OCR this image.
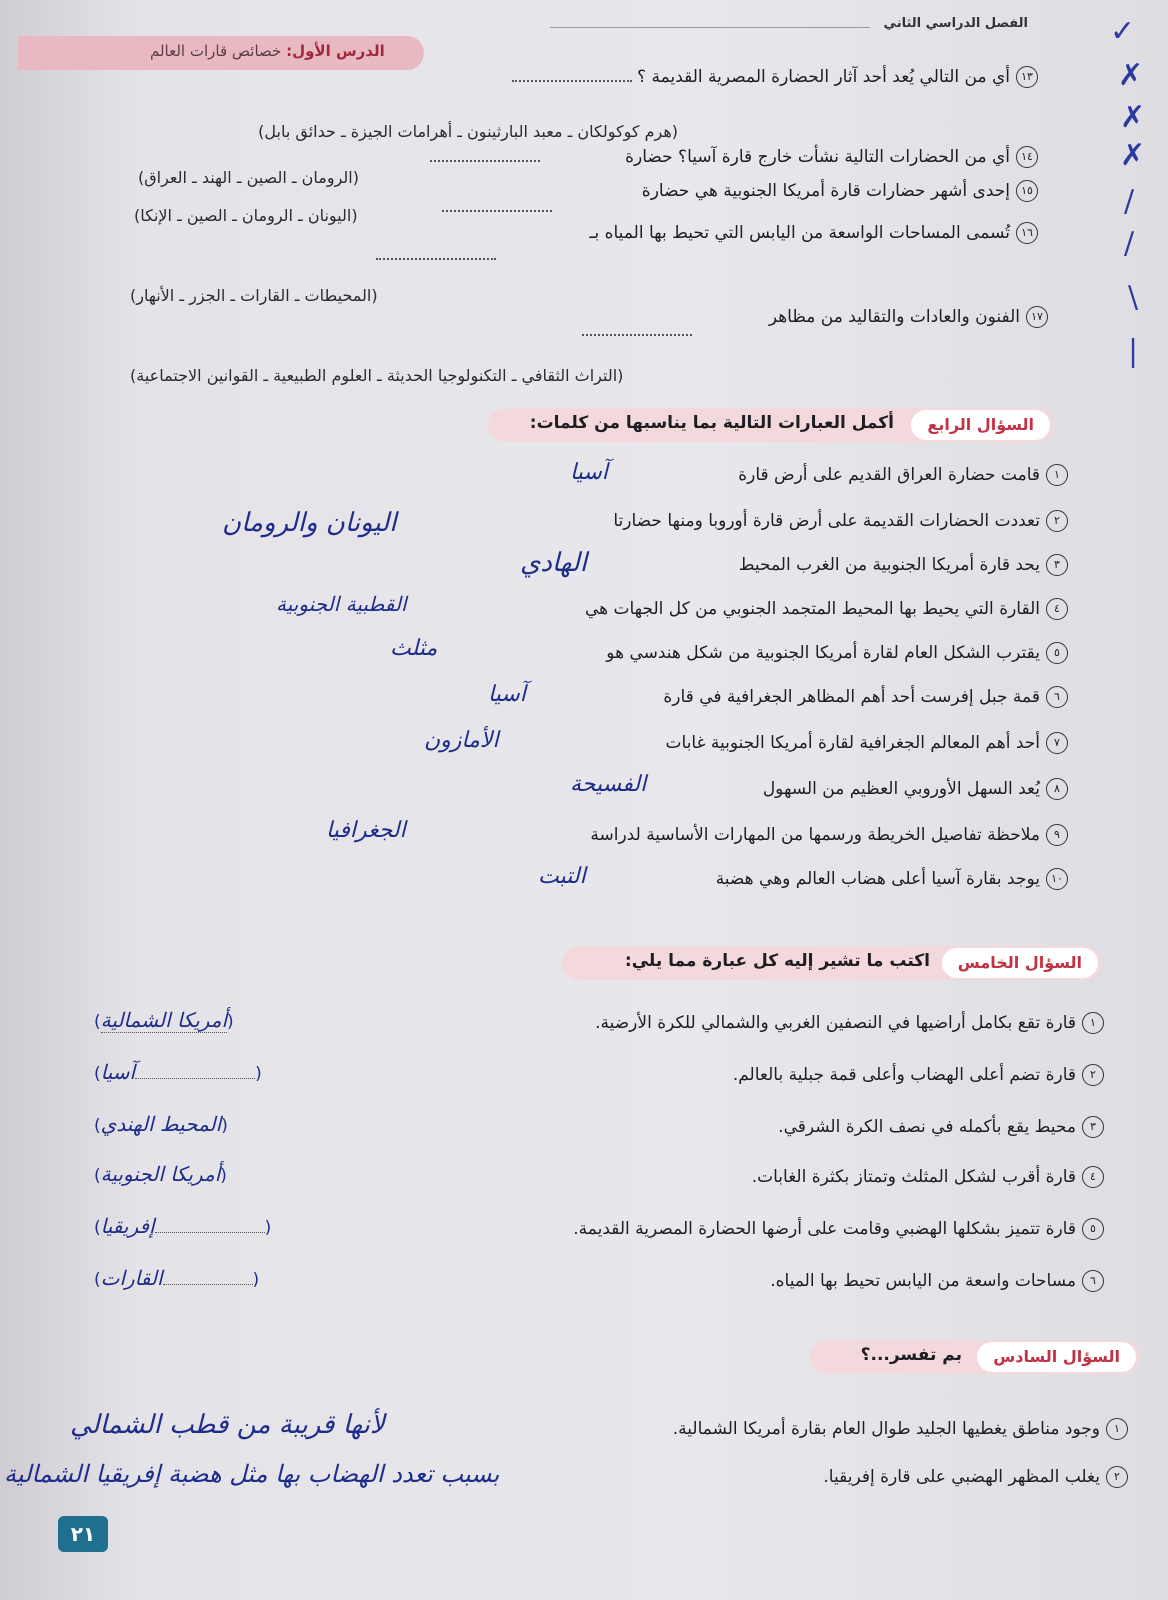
الفصل الدراسي الثاني
الدرس الأول: خصائص قارات العالم
✓
✗
✗
✗
/
/
\
|
١٣أي من التالي يُعد أحد آثار الحضارة المصرية القديمة ؟
(هرم كوكولكان ـ معبد البارثينون ـ أهرامات الجيزة ـ حدائق بابل)
١٤أي من الحضارات التالية نشأت خارج قارة آسيا؟ حضارة
(الرومان ـ الصين ـ الهند ـ العراق)
١٥إحدى أشهر حضارات قارة أمريكا الجنوبية هي حضارة
(اليونان ـ الرومان ـ الصين ـ الإنكا)
١٦تُسمى المساحات الواسعة من اليابس التي تحيط بها المياه بـ
(المحيطات ـ القارات ـ الجزر ـ الأنهار)
١٧الفنون والعادات والتقاليد من مظاهر
(التراث الثقافي ـ التكنولوجيا الحديثة ـ العلوم الطبيعية ـ القوانين الاجتماعية)
السؤال الرابع
أكمل العبارات التالية بما يناسبها من كلمات:
١قامت حضارة العراق القديم على أرض قارة
آسيا
٢تعددت الحضارات القديمة على أرض قارة أوروبا ومنها حضارتا
اليونان والرومان
٣يحد قارة أمريكا الجنوبية من الغرب المحيط
الهادي
٤القارة التي يحيط بها المحيط المتجمد الجنوبي من كل الجهات هي
القطبية الجنوبية
٥يقترب الشكل العام لقارة أمريكا الجنوبية من شكل هندسي هو
مثلث
٦قمة جبل إفرست أحد أهم المظاهر الجغرافية في قارة
آسيا
٧أحد أهم المعالم الجغرافية لقارة أمريكا الجنوبية غابات
الأمازون
٨يُعد السهل الأوروبي العظيم من السهول
الفسيحة
٩ملاحظة تفاصيل الخريطة ورسمها من المهارات الأساسية لدراسة
الجغرافيا
١٠يوجد بقارة آسيا أعلى هضاب العالم وهي هضبة
التبت
السؤال الخامس
اكتب ما تشير إليه كل عبارة مما يلي:
١قارة تقع بكامل أراضيها في النصفين الغربي والشمالي للكرة الأرضية.
(أمريكا الشمالية)
٢قارة تضم أعلى الهضاب وأعلى قمة جبلية بالعالم.
(آسيا)
٣محيط يقع بأكمله في نصف الكرة الشرقي.
(المحيط الهندي)
٤قارة أقرب لشكل المثلث وتمتاز بكثرة الغابات.
(أمريكا الجنوبية)
٥قارة تتميز بشكلها الهضبي وقامت على أرضها الحضارة المصرية القديمة.
(إفريقيا)
٦مساحات واسعة من اليابس تحيط بها المياه.
(القارات)
السؤال السادس
بم تفسر...؟
١وجود مناطق يغطيها الجليد طوال العام بقارة أمريكا الشمالية.
لأنها قريبة من قطب الشمالي
٢يغلب المظهر الهضبي على قارة إفريقيا.
بسبب تعدد الهضاب بها مثل هضبة إفريقيا الشمالية
٢١
